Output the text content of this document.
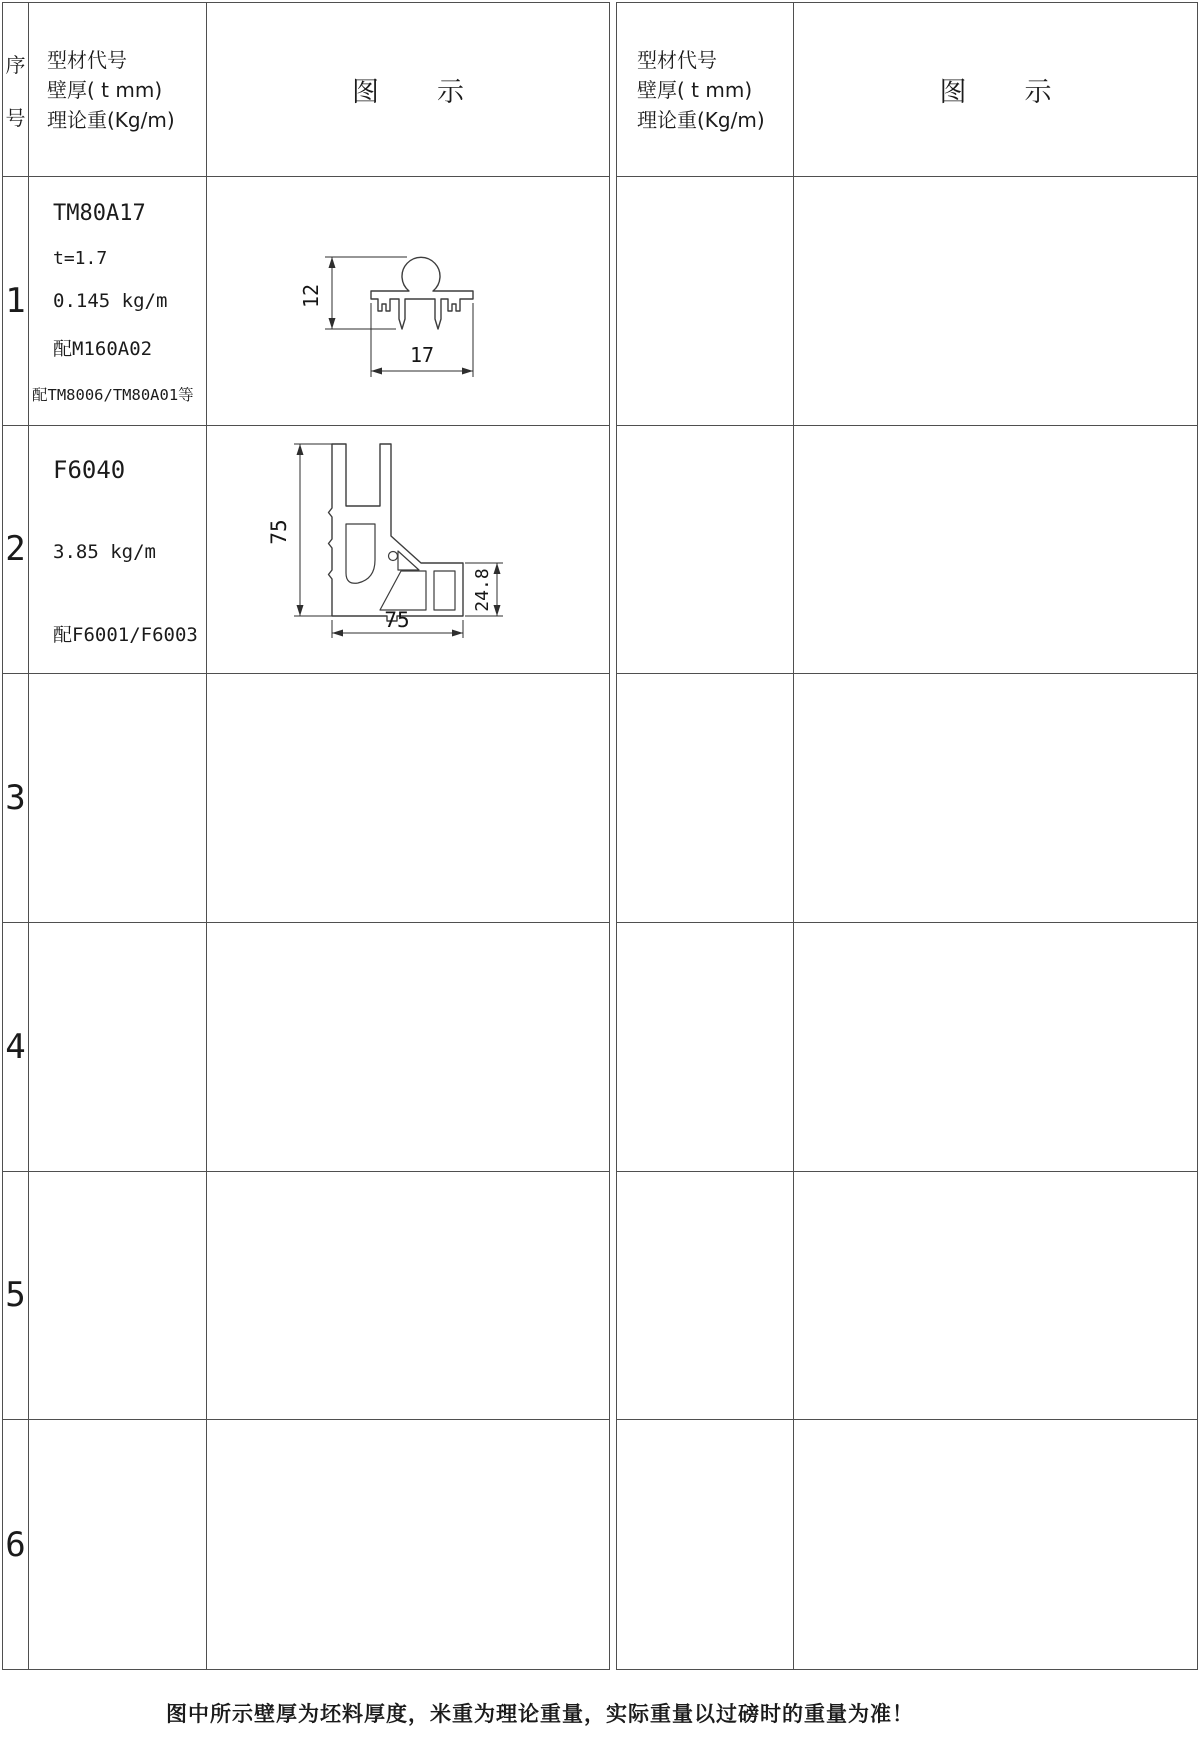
序
号
型材代号
壁厚( t mm)
理论重(Kg/m)
图 示
1
TM80A17
t=1.7
0.145 kg/m
配M160A02
配TM8006/TM80A01等
12
17
2
F6040
3.85 kg/m
配F6001/F6003
75
24.8
75
3
4
5
6
型材代号
壁厚( t mm)
理论重(Kg/m)
图 示
图中所示壁厚为坯料厚度，米重为理论重量，实际重量以过磅时的重量为准！
